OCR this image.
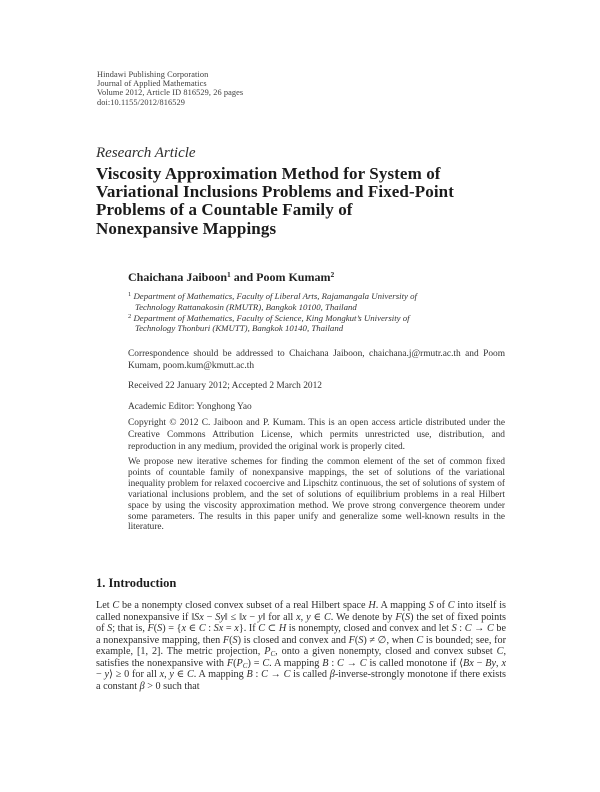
Hindawi Publishing Corporation
Journal of Applied Mathematics
Volume 2012, Article ID 816529, 26 pages
doi:10.1155/2012/816529
Research Article
Viscosity Approximation Method for System of
Variational Inclusions Problems and Fixed-Point
Problems of a Countable Family of
Nonexpansive Mappings
Chaichana Jaiboon$^1$ and Poom Kumam$^2$
$^1$ Department of Mathematics, Faculty of Liberal Arts, Rajamangala University of Technology Rattanakosin (RMUTR), Bangkok 10100, Thailand
$^2$ Department of Mathematics, Faculty of Science, King Mongkut’s University of Technology Thonburi (KMUTT), Bangkok 10140, Thailand

Correspondence should be addressed to Chaichana Jaiboon, chaichana.j@rmutr.ac.th and Poom Kumam, poom.kum@kmutt.ac.th

Received 22 January 2012; Accepted 2 March 2012

Academic Editor: Yonghong Yao

Copyright © 2012 C. Jaiboon and P. Kumam. This is an open access article distributed under the Creative Commons Attribution License, which permits unrestricted use, distribution, and reproduction in any medium, provided the original work is properly cited.

We propose new iterative schemes for finding the common element of the set of common fixed points of countable family of nonexpansive mappings, the set of solutions of the variational inequality problem for relaxed cocoercive and Lipschitz continuous, the set of solutions of system of variational inclusions problem, and the set of solutions of equilibrium problems in a real Hilbert space by using the viscosity approximation method. We prove strong convergence theorem under some parameters. The results in this paper unify and generalize some well-known results in the literature.

1. Introduction

Let C be a nonempty closed convex subset of a real Hilbert space H. A mapping S of C into itself is called nonexpansive if ‖Sx − Sy‖ ≤ ‖x − y‖ for all x, y ∈ C. We denote by F(S) the set of fixed points of S; that is, F(S) = {x ∈ C : Sx = x}. If C ⊂ H is nonempty, closed and convex and let S : C → C be a nonexpansive mapping, then F(S) is closed and convex and F(S) ≠ ∅, when C is bounded; see, for example, [1, 2]. The metric projection, $P_C$, onto a given nonempty, closed and convex subset C, satisfies the nonexpansive with $F(P_C) = C$. A mapping B : C → C is called monotone if ⟨Bx − By, x − y⟩ ≥ 0 for all x, y ∈ C. A mapping B : C → C is called β-inverse-strongly monotone if there exists a constant β > 0 such that
